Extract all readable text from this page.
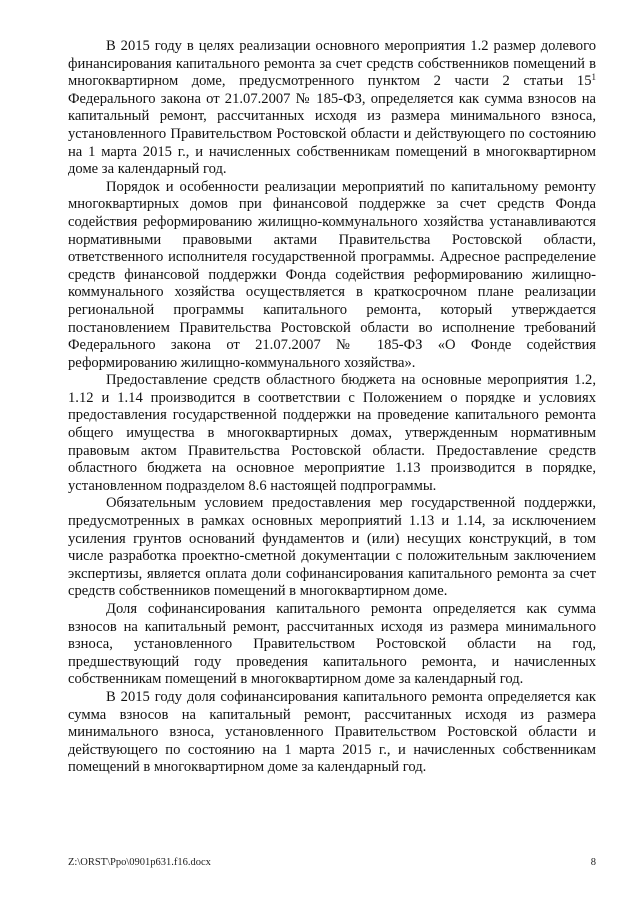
В 2015 году в целях реализации основного мероприятия 1.2 размер долевого финансирования капитального ремонта за счет средств собственников помещений в многоквартирном доме, предусмотренного пунктом 2 части 2 статьи $15^1$ Федерального закона от 21.07.2007 № 185-ФЗ, определяется как сумма взносов на капитальный ремонт, рассчитанных исходя из размера минимального взноса, установленного Правительством Ростовской области и действующего по состоянию на 1 марта 2015 г., и начисленных собственникам помещений в многоквартирном доме за календарный год.

Порядок и особенности реализации мероприятий по капитальному ремонту многоквартирных домов при финансовой поддержке за счет средств Фонда содействия реформированию жилищно-коммунального хозяйства устанавливаются нормативными правовыми актами Правительства Ростовской области, ответственного исполнителя государственной программы. Адресное распределение средств финансовой поддержки Фонда содействия реформированию жилищно-коммунального хозяйства осуществляется в краткосрочном плане реализации региональной программы капитального ремонта, который утверждается постановлением Правительства Ростовской области во исполнение требований Федерального закона от 21.07.2007 № 185-ФЗ «О Фонде содействия реформированию жилищно-коммунального хозяйства».

Предоставление средств областного бюджета на основные мероприятия 1.2, 1.12 и 1.14 производится в соответствии с Положением о порядке и условиях предоставления государственной поддержки на проведение капитального ремонта общего имущества в многоквартирных домах, утвержденным нормативным правовым актом Правительства Ростовской области. Предоставление средств областного бюджета на основное мероприятие 1.13 производится в порядке, установленном подразделом 8.6 настоящей подпрограммы.

Обязательным условием предоставления мер государственной поддержки, предусмотренных в рамках основных мероприятий 1.13 и 1.14, за исключением усиления грунтов оснований фундаментов и (или) несущих конструкций, в том числе разработка проектно-сметной документации с положительным заключением экспертизы, является оплата доли софинансирования капитального ремонта за счет средств собственников помещений в многоквартирном доме.

Доля софинансирования капитального ремонта определяется как сумма взносов на капитальный ремонт, рассчитанных исходя из размера минимального взноса, установленного Правительством Ростовской области на год, предшествующий году проведения капитального ремонта, и начисленных собственникам помещений в многоквартирном доме за календарный год.

В 2015 году доля софинансирования капитального ремонта определяется как сумма взносов на капитальный ремонт, рассчитанных исходя из размера минимального взноса, установленного Правительством Ростовской области и действующего по состоянию на 1 марта 2015 г., и начисленных собственникам помещений в многоквартирном доме за календарный год.

Z:\ORST\Ppo\0901p631.f16.docx	8
